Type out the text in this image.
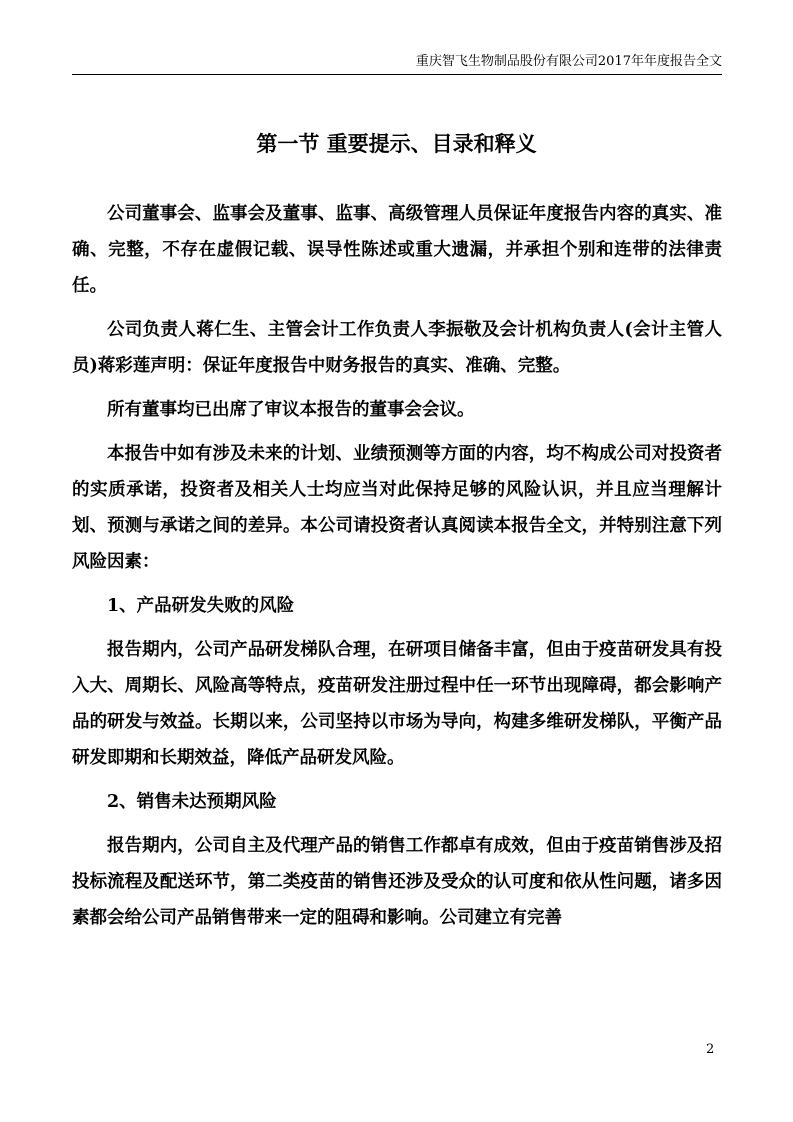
重庆智飞生物制品股份有限公司2017年年度报告全文
第一节 重要提示、目录和释义

公司董事会、监事会及董事、监事、高级管理人员保证年度报告内容的真实、准确、完整，不存在虚假记载、误导性陈述或重大遗漏，并承担个别和连带的法律责任。

公司负责人蒋仁生、主管会计工作负责人李振敬及会计机构负责人(会计主管人员)蒋彩莲声明：保证年度报告中财务报告的真实、准确、完整。

所有董事均已出席了审议本报告的董事会会议。

本报告中如有涉及未来的计划、业绩预测等方面的内容，均不构成公司对投资者的实质承诺，投资者及相关人士均应当对此保持足够的风险认识，并且应当理解计划、预测与承诺之间的差异。本公司请投资者认真阅读本报告全文，并特别注意下列风险因素：

1、产品研发失败的风险

报告期内，公司产品研发梯队合理，在研项目储备丰富，但由于疫苗研发具有投入大、周期长、风险高等特点，疫苗研发注册过程中任一环节出现障碍，都会影响产品的研发与效益。长期以来，公司坚持以市场为导向，构建多维研发梯队，平衡产品研发即期和长期效益，降低产品研发风险。

2、销售未达预期风险

报告期内，公司自主及代理产品的销售工作都卓有成效，但由于疫苗销售涉及招投标流程及配送环节，第二类疫苗的销售还涉及受众的认可度和依从性问题，诸多因素都会给公司产品销售带来一定的阻碍和影响。公司建立有完善

2
